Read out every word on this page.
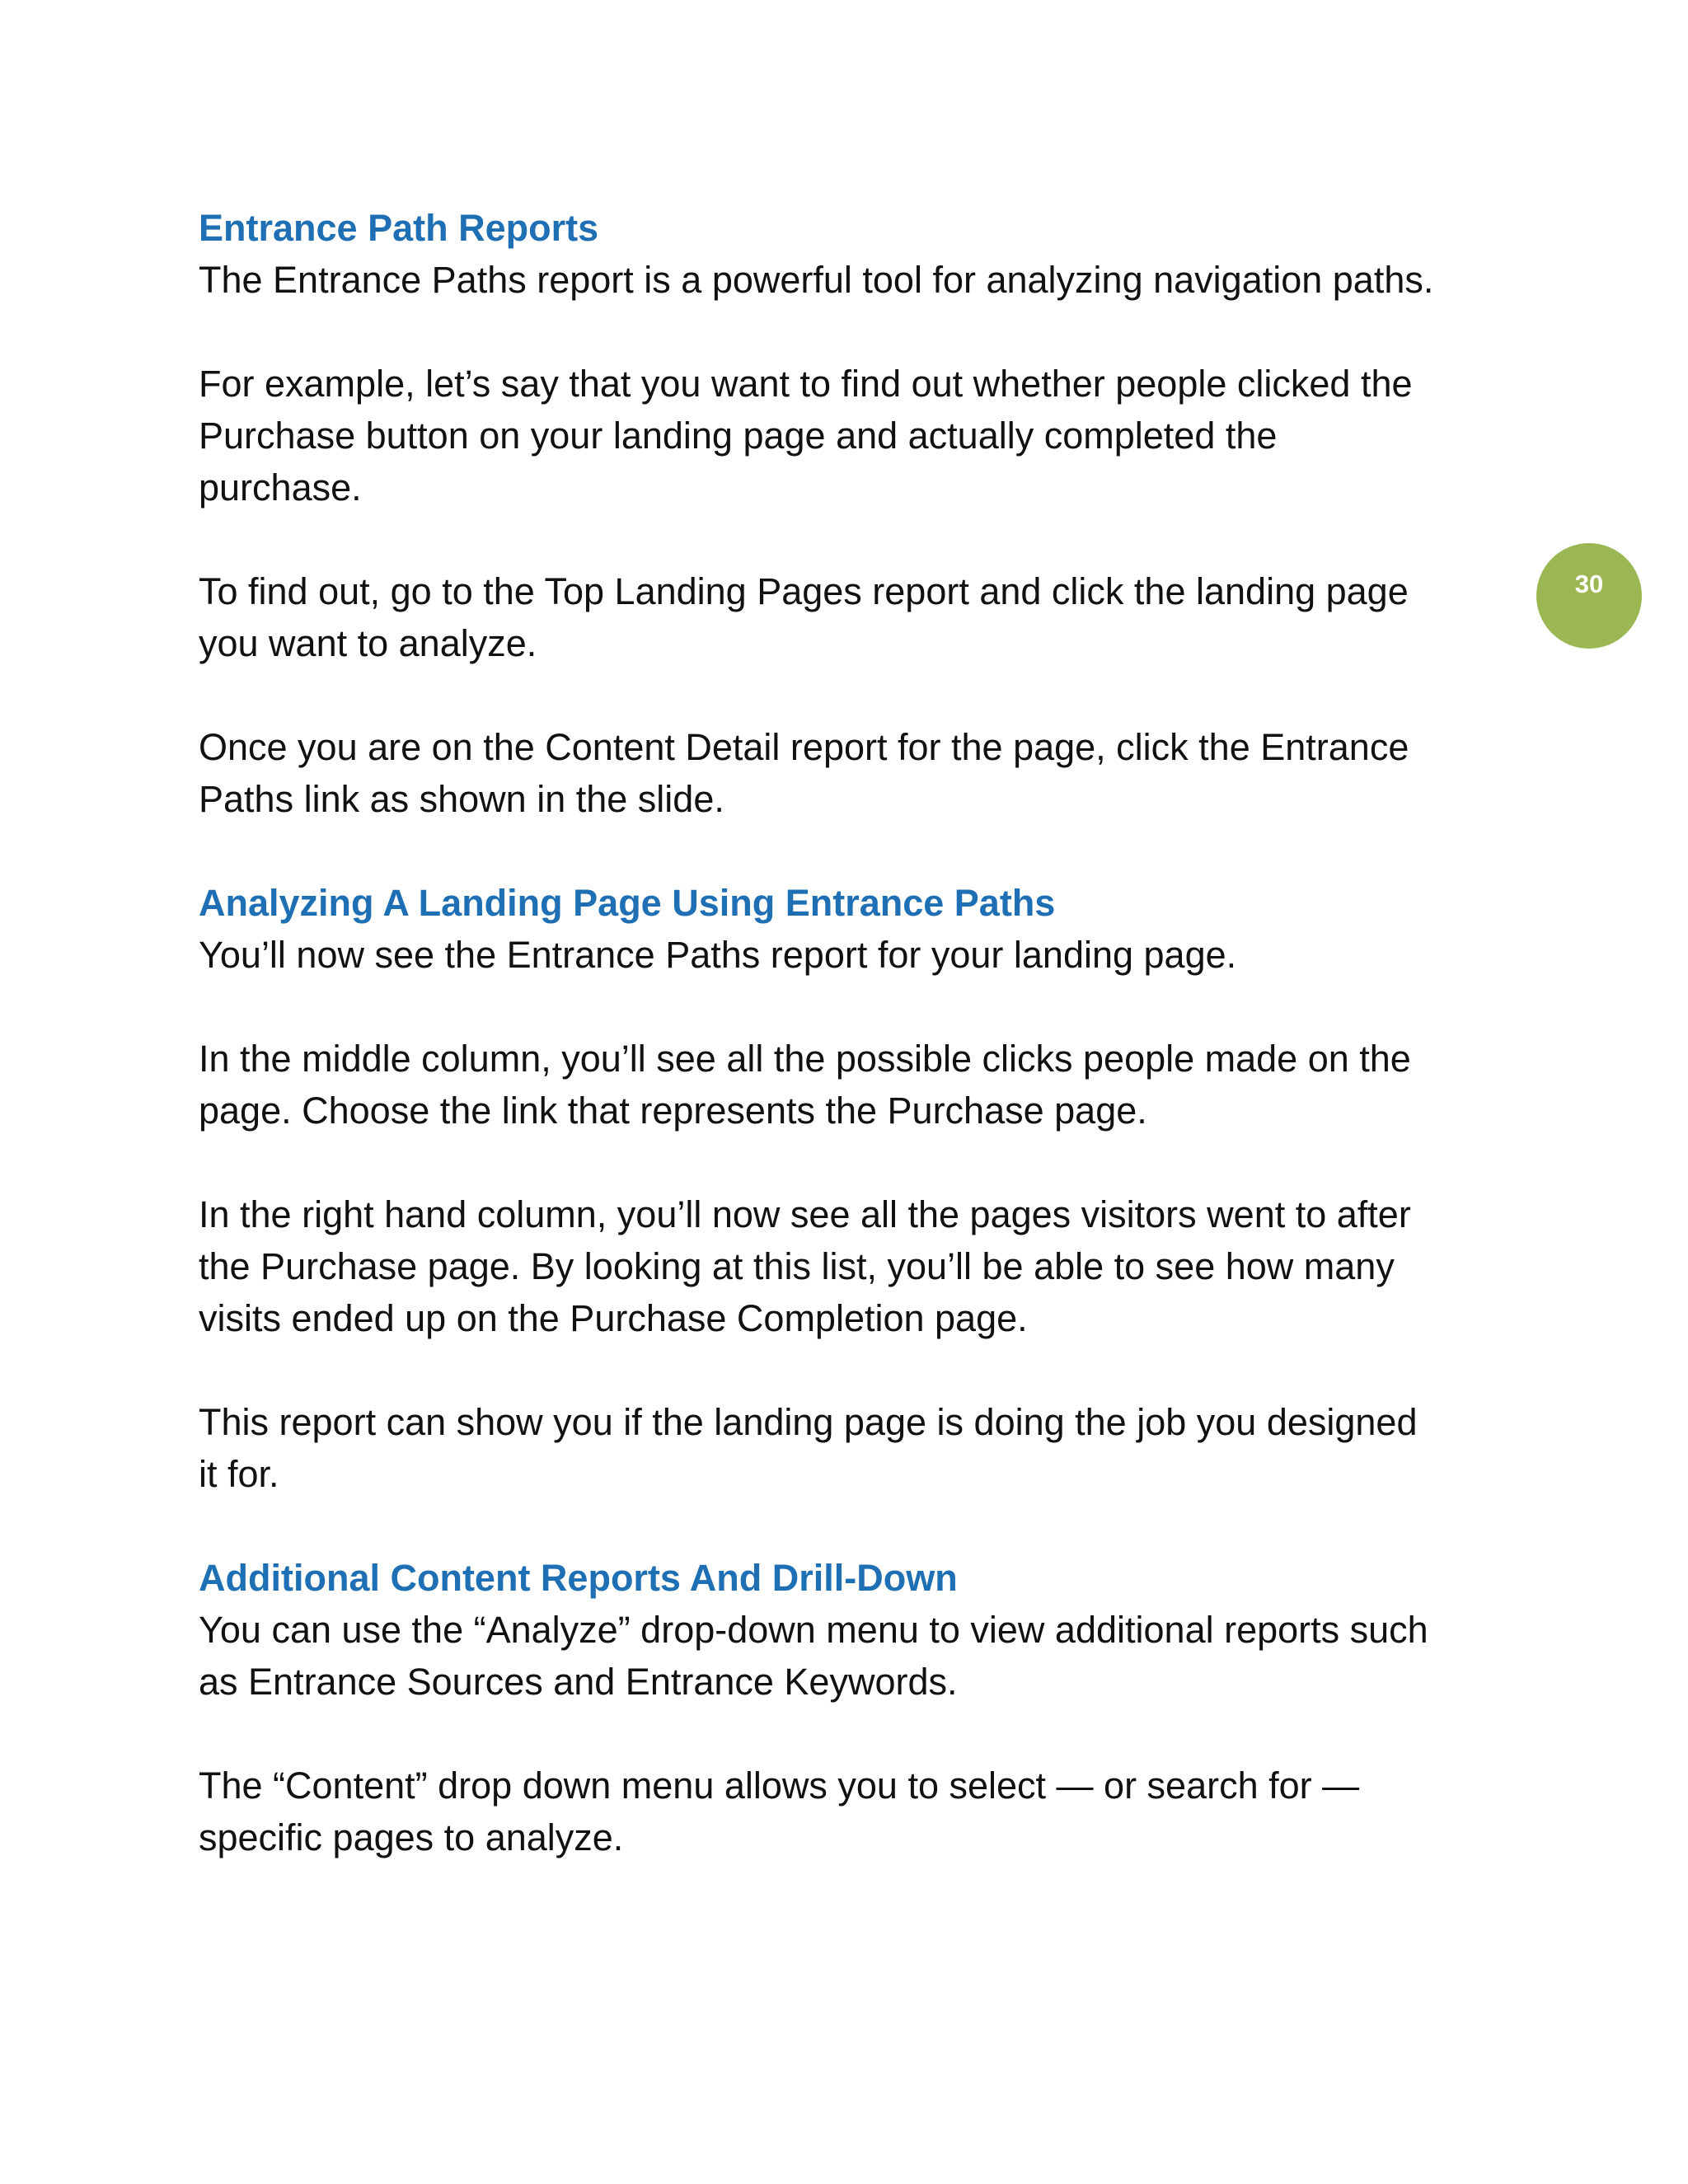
Entrance Path Reports

The Entrance Paths report is a powerful tool for analyzing navigation paths.

For example, let’s say that you want to find out whether people clicked the
Purchase button on your landing page and actually completed the
purchase.

To find out, go to the Top Landing Pages report and click the landing page
you want to analyze.

Once you are on the Content Detail report for the page, click the Entrance
Paths link as shown in the slide.

Analyzing A Landing Page Using Entrance Paths

You’ll now see the Entrance Paths report for your landing page.

In the middle column, you’ll see all the possible clicks people made on the
page. Choose the link that represents the Purchase page.

In the right hand column, you’ll now see all the pages visitors went to after
the Purchase page. By looking at this list, you’ll be able to see how many
visits ended up on the Purchase Completion page.

This report can show you if the landing page is doing the job you designed
it for.

Additional Content Reports And Drill-Down

You can use the “Analyze” drop-down menu to view additional reports such
as Entrance Sources and Entrance Keywords.

The “Content” drop down menu allows you to select — or search for —
specific pages to analyze.

30
